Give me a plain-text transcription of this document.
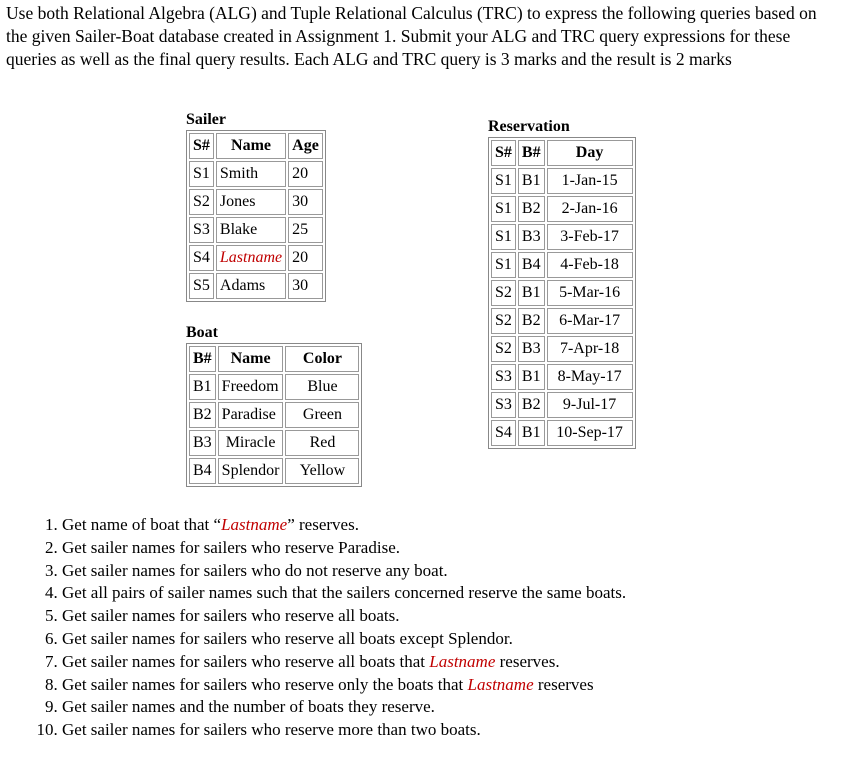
Use both Relational Algebra (ALG) and Tuple Relational Calculus (TRC) to express the following queries based on the given Sailer-Boat database created in Assignment 1. Submit your ALG and TRC query expressions for these queries as well as the final query results. Each ALG and TRC query is 3 marks and the result is 2 marks

Sailer
S#	Name	Age
S1	Smith	20
S2	Jones	30
S3	Blake	25
S4	Lastname	20
S5	Adams	30
Boat
B#	Name	Color
B1	Freedom	Blue
B2	Paradise	Green
B3	Miracle	Red
B4	Splendor	Yellow
Reservation
S#	B#	Day
S1	B1	1-Jan-15
S1	B2	2-Jan-16
S1	B3	3-Feb-17
S1	B4	4-Feb-18
S2	B1	5-Mar-16
S2	B2	6-Mar-17
S2	B3	7-Apr-18
S3	B1	8-May-17
S3	B2	9-Jul-17
S4	B1	10-Sep-17
1. Get name of boat that “Lastname” reserves.
2. Get sailer names for sailers who reserve Paradise.
3. Get sailer names for sailers who do not reserve any boat.
4. Get all pairs of sailer names such that the sailers concerned reserve the same boats.
5. Get sailer names for sailers who reserve all boats.
6. Get sailer names for sailers who reserve all boats except Splendor.
7. Get sailer names for sailers who reserve all boats that Lastname reserves.
8. Get sailer names for sailers who reserve only the boats that Lastname reserves
9. Get sailer names and the number of boats they reserve.
10. Get sailer names for sailers who reserve more than two boats.
